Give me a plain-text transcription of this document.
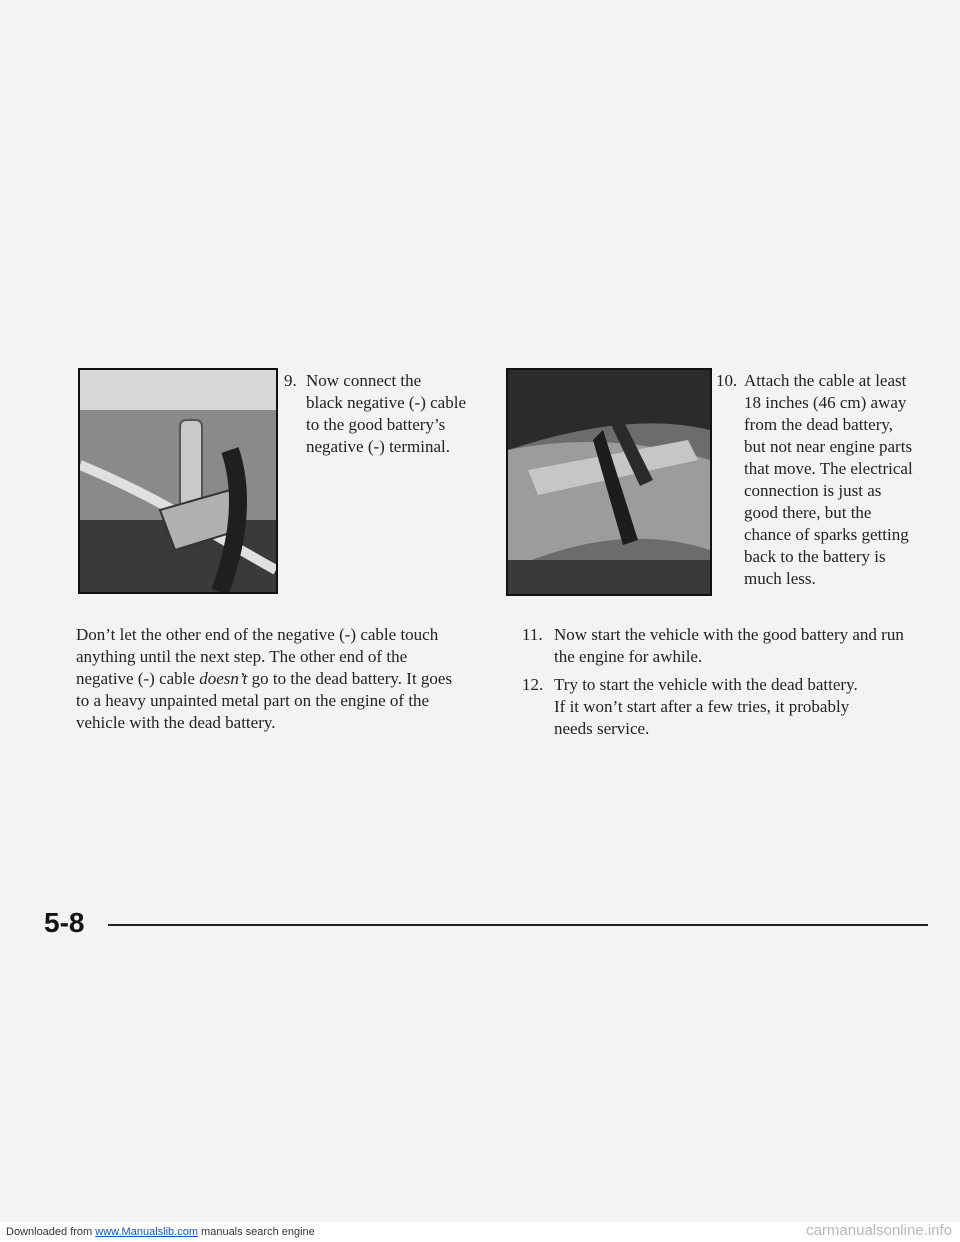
9. Now connect the
black negative (-) cable
to the good battery’s
negative (-) terminal.
10. Attach the cable at least
18 inches (46 cm) away
from the dead battery,
but not near engine parts
that move. The electrical
connection is just as
good there, but the
chance of sparks getting
back to the battery is
much less.
Don’t let the other end of the negative (-) cable touch
anything until the next step. The other end of the
negative (-) cable doesn’t go to the dead battery. It goes
to a heavy unpainted metal part on the engine of the
vehicle with the dead battery.
11. Now start the vehicle with the good battery and run
the engine for awhile.
12. Try to start the vehicle with the dead battery.
If it won’t start after a few tries, it probably
needs service.
5-8
Downloaded from www.Manualslib.com manuals search engine	carmanualsonline.info
